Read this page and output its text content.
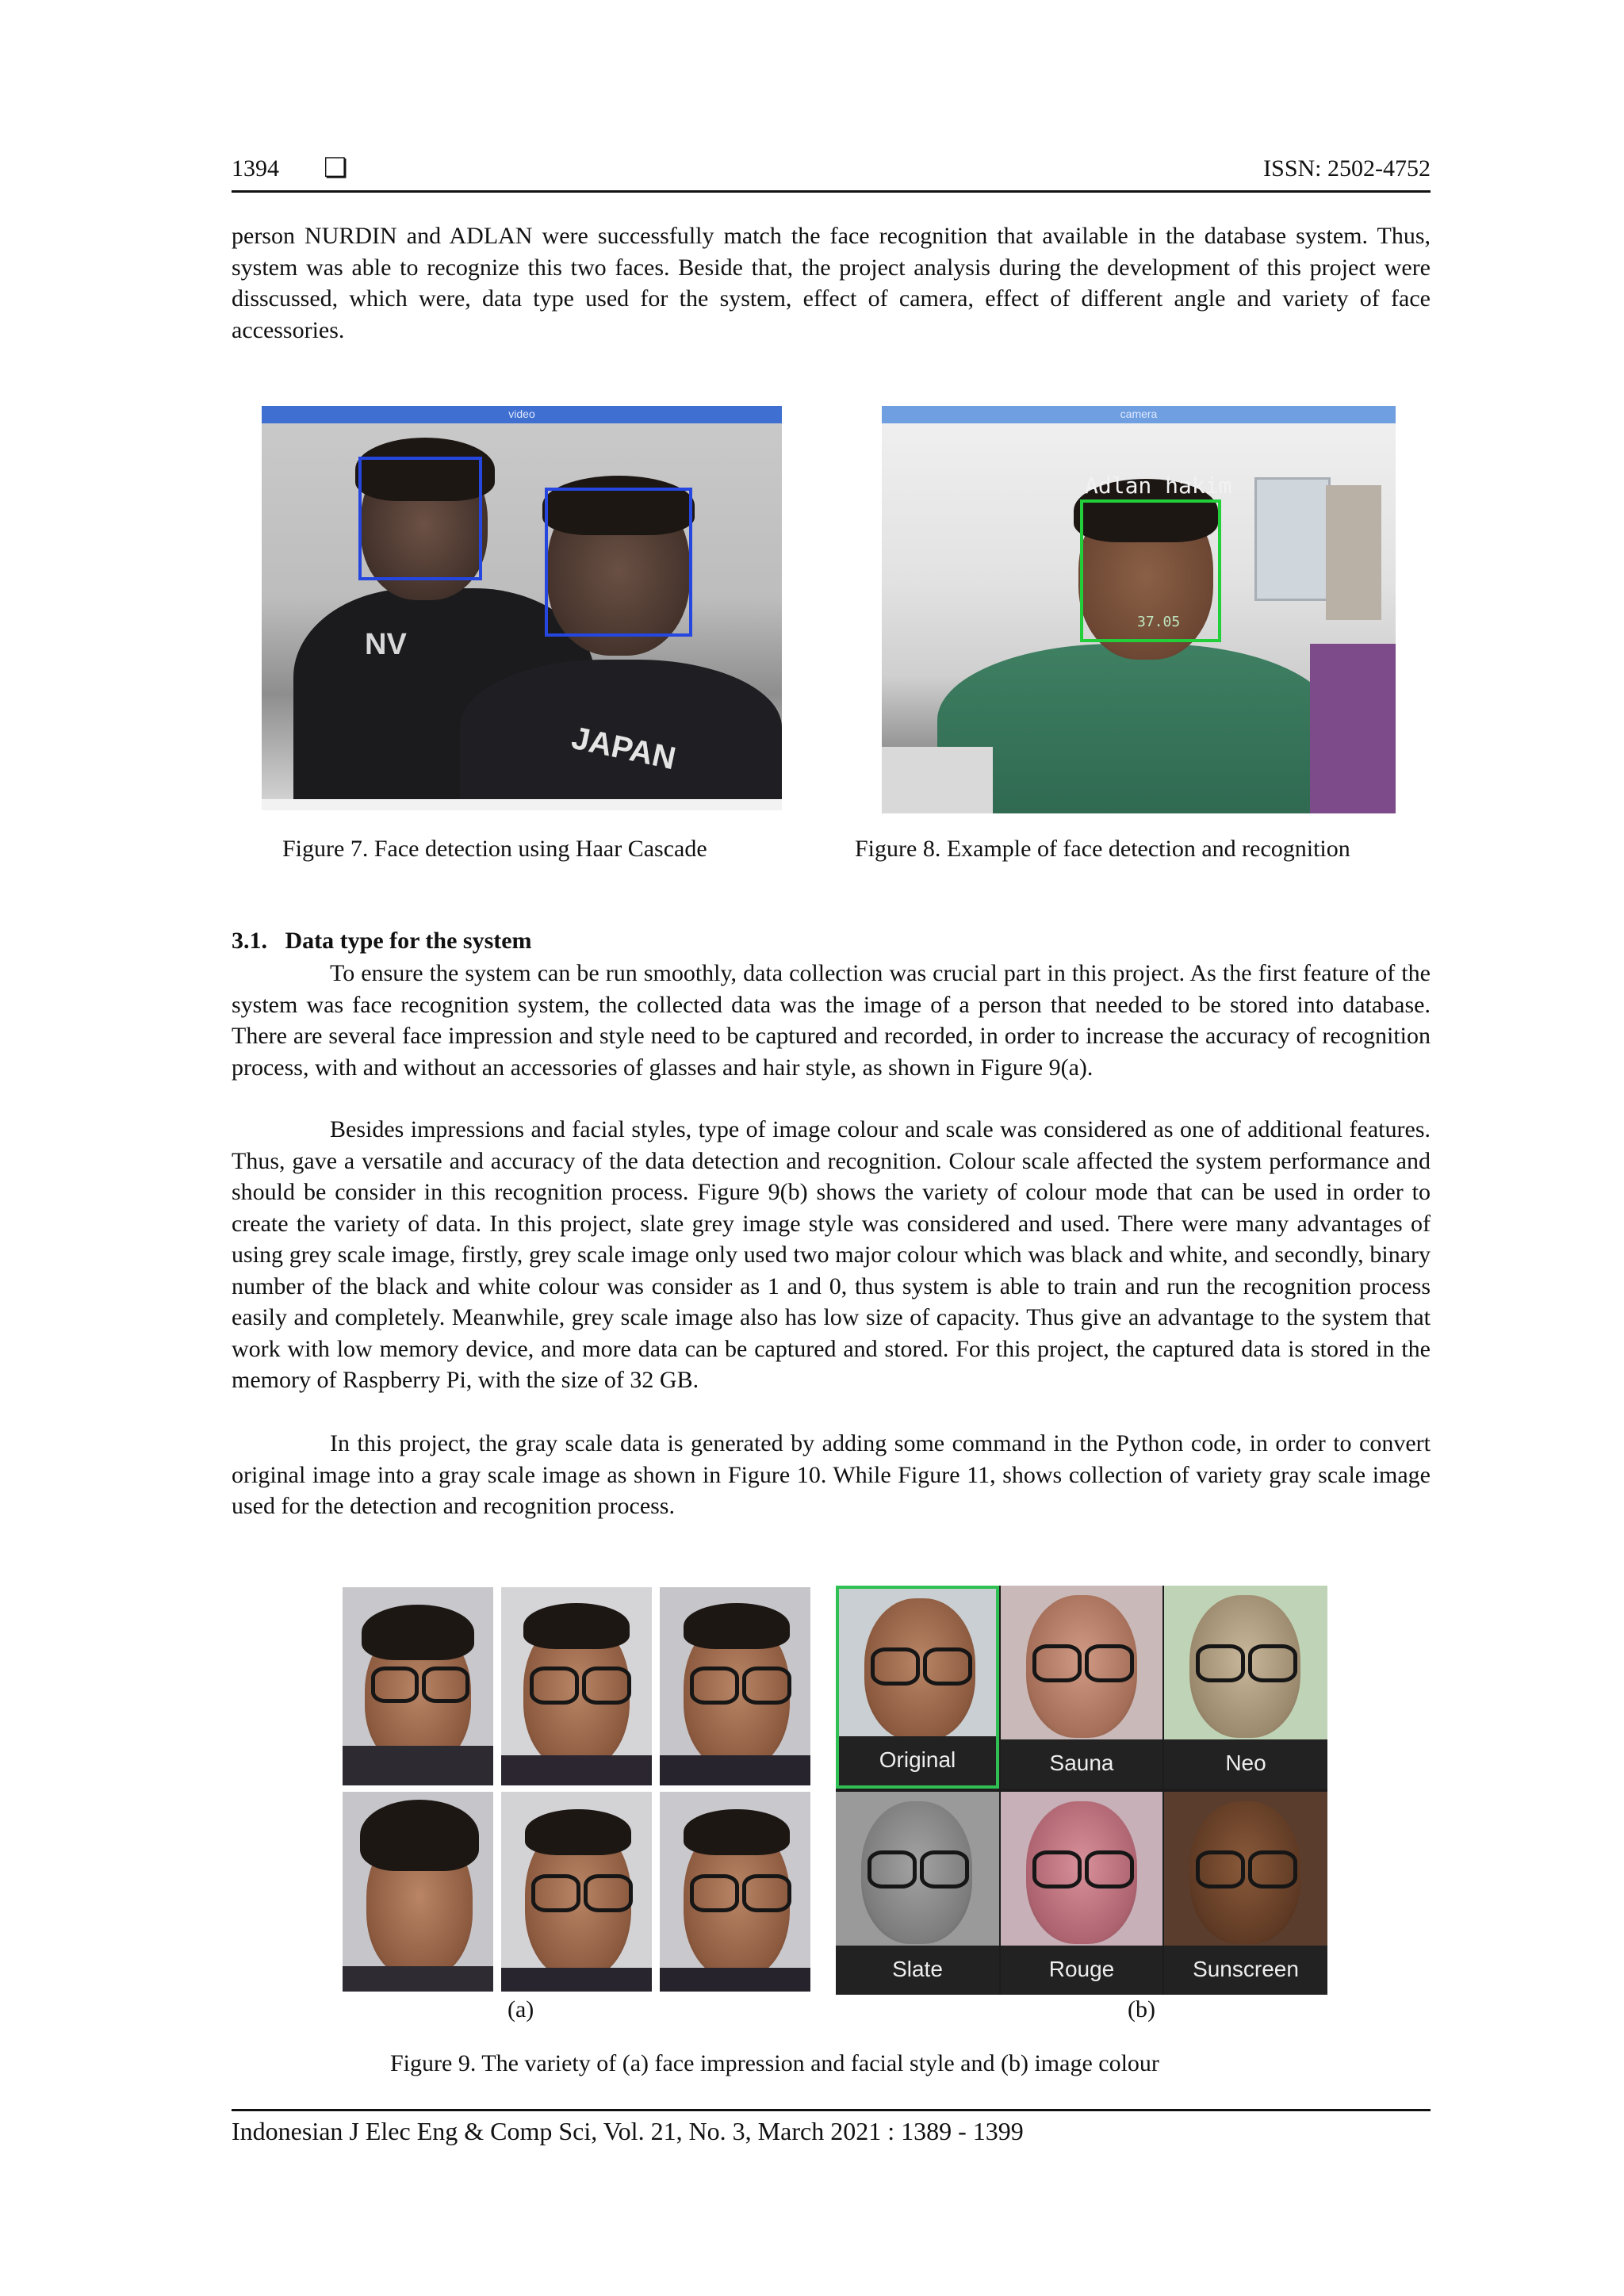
1394 ❏	ISSN: 2502-4752

person NURDIN and ADLAN were successfully match the face recognition that available in the database system. Thus, system was able to recognize this two faces. Beside that, the project analysis during the development of this project were disscussed, which were, data type used for the system, effect of camera, effect of different angle and variety of face accessories.

video
NV
JAPAN
Figure 7. Face detection using Haar Cascade
camera
Adlan hakim
37.05
Figure 8. Example of face detection and recognition
3.1.   Data type for the system

To ensure the system can be run smoothly, data collection was crucial part in this project. As the first feature of the system was face recognition system, the collected data was the image of a person that needed to be stored into database. There are several face impression and style need to be captured and recorded, in order to increase the accuracy of recognition process, with and without an accessories of glasses and hair style, as shown in Figure 9(a).

Besides impressions and facial styles, type of image colour and scale was considered as one of additional features. Thus, gave a versatile and accuracy of the data detection and recognition. Colour scale affected the system performance and should be consider in this recognition process. Figure 9(b) shows the variety of colour mode that can be used in order to create the variety of data. In this project, slate grey image style was considered and used. There were many advantages of using grey scale image, firstly, grey scale image only used two major colour which was black and white, and secondly, binary number of the black and white colour was consider as 1 and 0, thus system is able to train and run the recognition process easily and completely. Meanwhile, grey scale image also has low size of capacity. Thus give an advantage to the system that work with low memory device, and more data can be captured and stored. For this project, the captured data is stored in the memory of Raspberry Pi, with the size of 32 GB.

In this project, the gray scale data is generated by adding some command in the Python code, in order to convert original image into a gray scale image as shown in Figure 10. While Figure 11, shows collection of variety gray scale image used for the detection and recognition process.

Original	Sauna	Neo
Slate	Rouge	Sunscreen
(a)	(b)
Figure 9. The variety of (a) face impression and facial style and (b) image colour
Indonesian J Elec Eng & Comp Sci, Vol. 21, No. 3, March 2021 : 1389 - 1399
